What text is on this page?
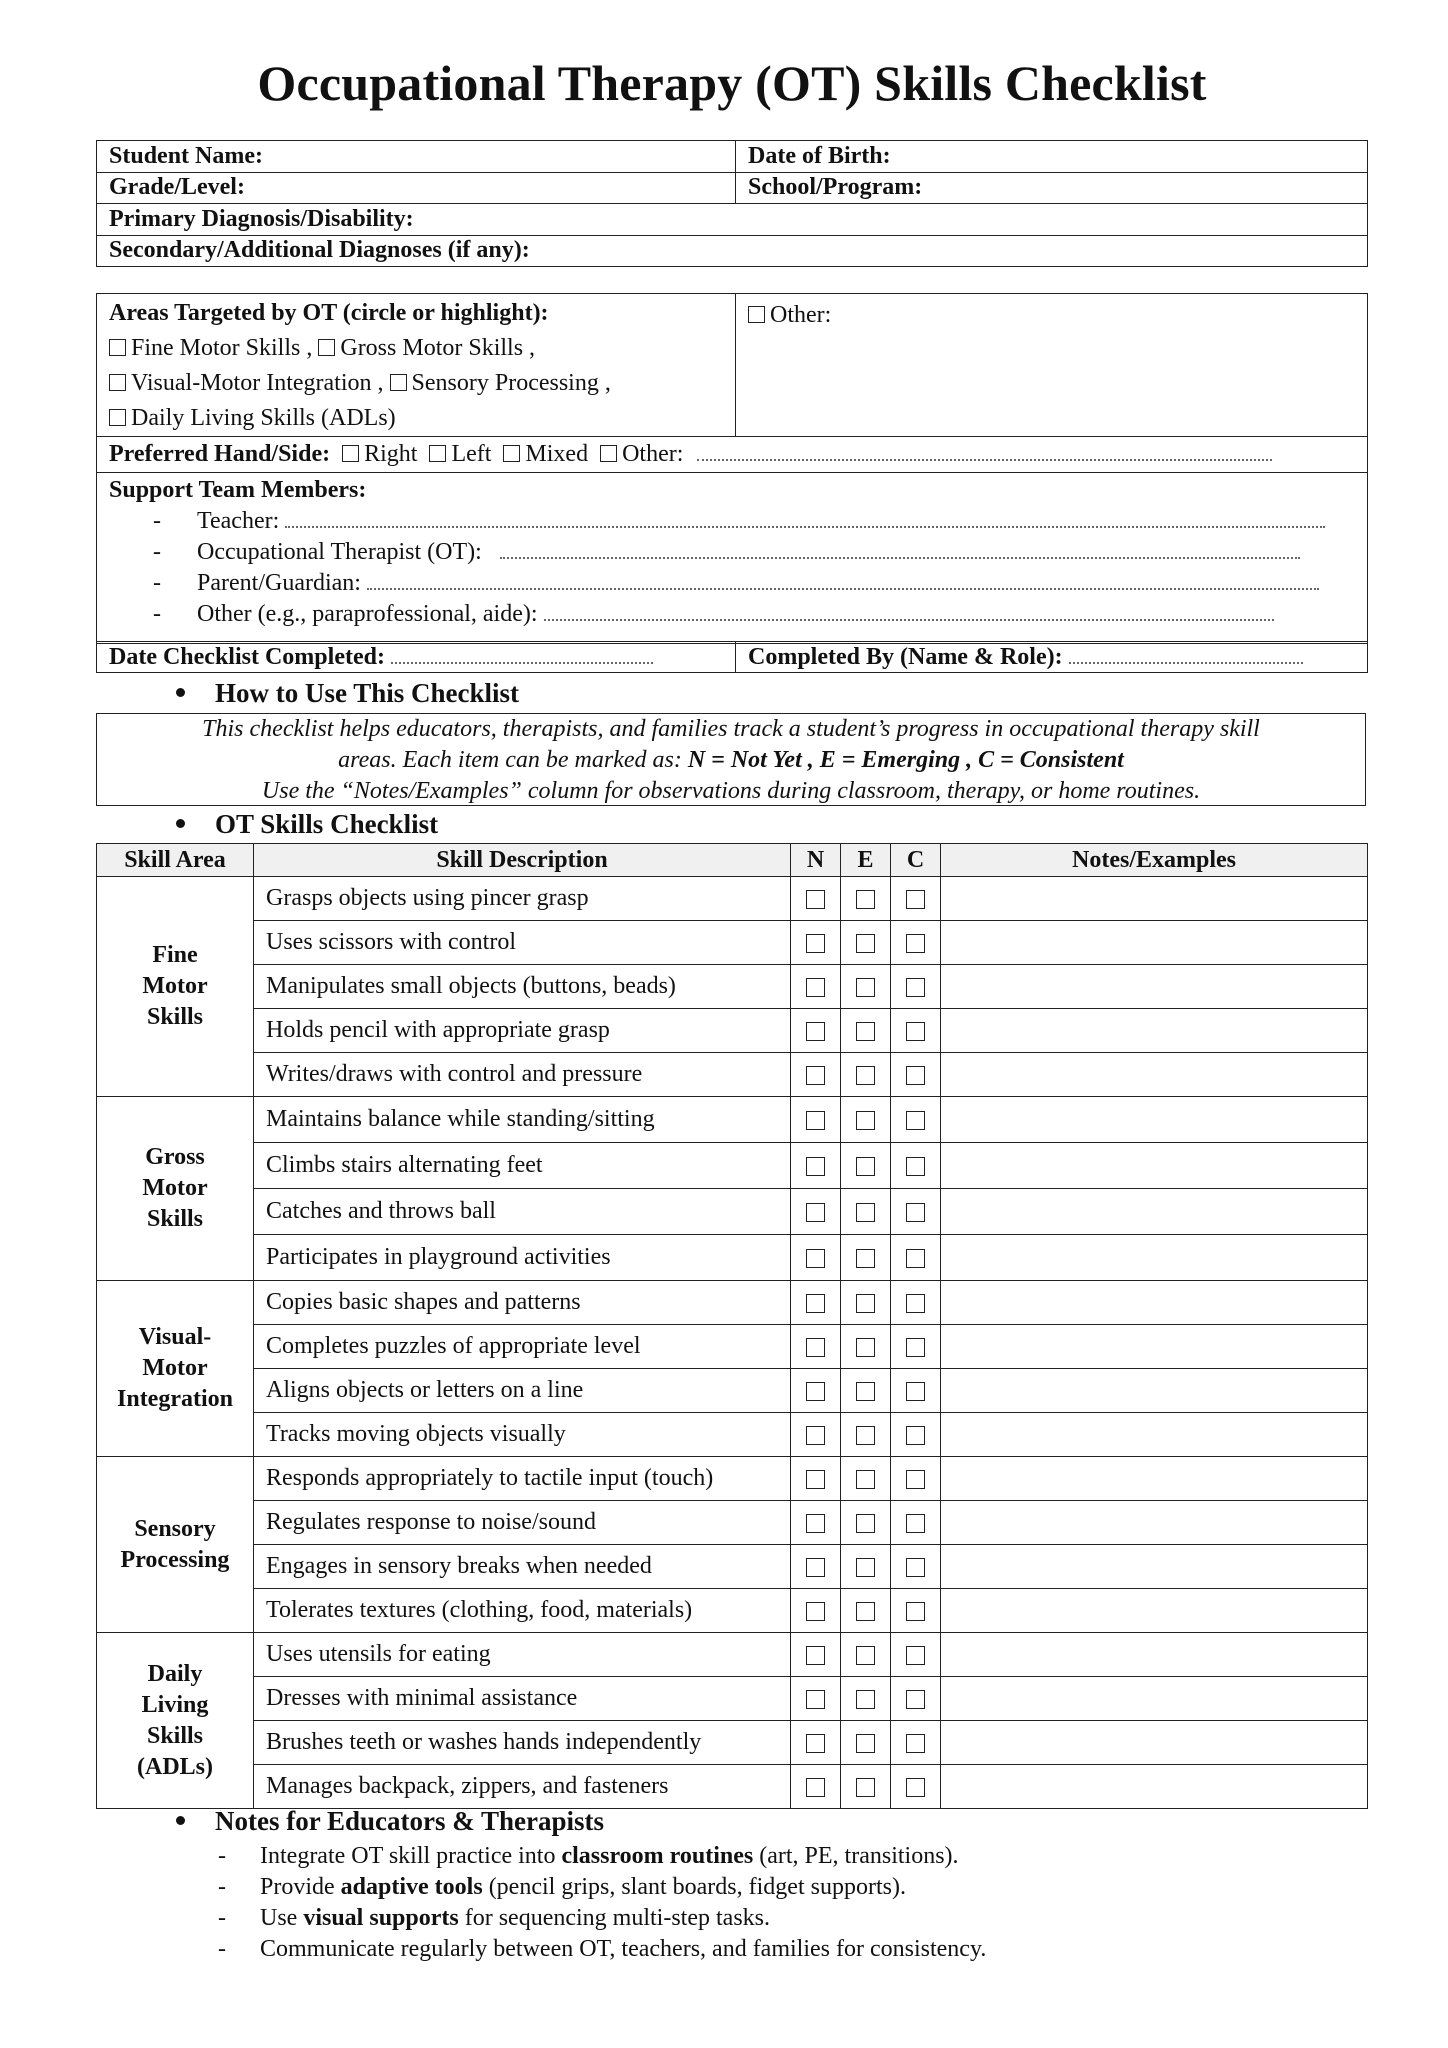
Occupational Therapy (OT) Skills Checklist
Student Name:	Date of Birth:
Grade/Level:	School/Program:
Primary Diagnosis/Disability:	
Secondary/Additional Diagnoses (if any):	
Areas Targeted by OT (circle or highlight):
Fine Motor Skills , Gross Motor Skills ,
Visual-Motor Integration , Sensory Processing ,
Daily Living Skills (ADLs)
	Other:
Preferred Hand/Side: Right Left Mixed Other:

Support Team Members:
- Teacher:
- Occupational Therapist (OT):
- Parent/Guardian:
- Other (e.g., paraprofessional, aide):
Date Checklist Completed:	Completed By (Name & Role):
How to Use This Checklist
This checklist helps educators, therapists, and families track a student’s progress in occupational therapy skill
areas. Each item can be marked as: N = Not Yet , E = Emerging , C = Consistent
Use the “Notes/Examples” column for observations during classroom, therapy, or home routines.
OT Skills Checklist
Skill Area	Skill Description	N	E	C	Notes/Examples

Fine
Motor
Skills	Grasps objects using pincer grasp				
	Uses scissors with control				
	Manipulates small objects (buttons, beads)				
	Holds pencil with appropriate grasp				
	Writes/draws with control and pressure				

Gross
Motor
Skills	Maintains balance while standing/sitting				
	Climbs stairs alternating feet				
	Catches and throws ball				
	Participates in playground activities				

Visual-
Motor
Integration	Copies basic shapes and patterns				
	Completes puzzles of appropriate level				
	Aligns objects or letters on a line				
	Tracks moving objects visually				

Sensory
Processing	Responds appropriately to tactile input (touch)				
	Regulates response to noise/sound				
	Engages in sensory breaks when needed				
	Tolerates textures (clothing, food, materials)				

Daily
Living
Skills
(ADLs)	Uses utensils for eating				
	Dresses with minimal assistance				
	Brushes teeth or washes hands independently				
	Manages backpack, zippers, and fasteners				
Notes for Educators & Therapists
- Integrate OT skill practice into classroom routines (art, PE, transitions).
- Provide adaptive tools (pencil grips, slant boards, fidget supports).
- Use visual supports for sequencing multi-step tasks.
- Communicate regularly between OT, teachers, and families for consistency.
